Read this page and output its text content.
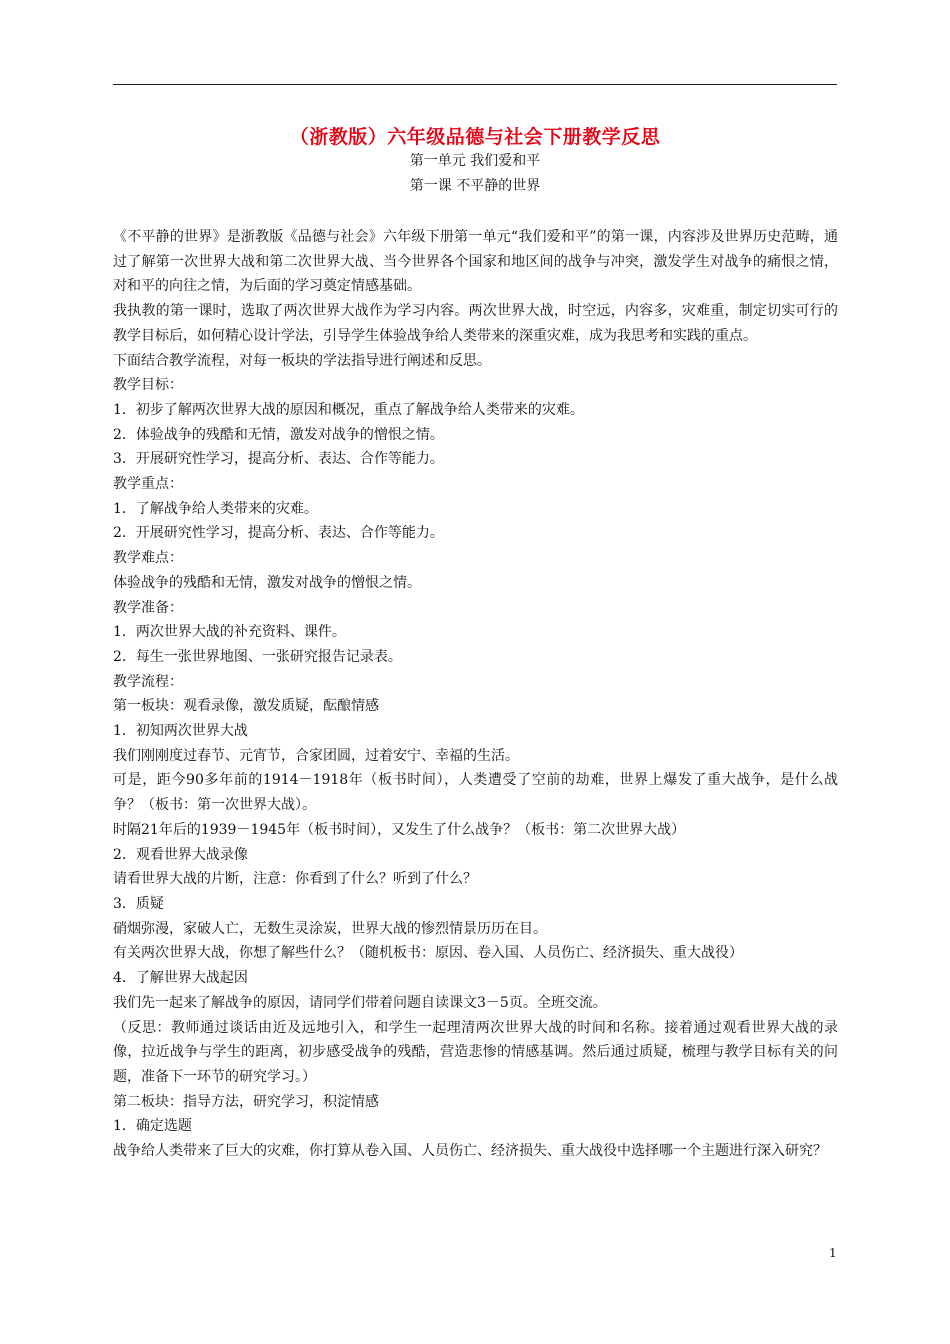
（浙教版）六年级品德与社会下册教学反思
第一单元 我们爱和平
第一课 不平静的世界

《不平静的世界》是浙教版《品德与社会》六年级下册第一单元“我们爱和平”的第一课，内容涉及世界历史范畴，通过了解第一次世界大战和第二次世界大战、当今世界各个国家和地区间的战争与冲突，激发学生对战争的痛恨之情，对和平的向往之情，为后面的学习奠定情感基础。

我执教的第一课时，选取了两次世界大战作为学习内容。两次世界大战，时空远，内容多，灾难重，制定切实可行的教学目标后，如何精心设计学法，引导学生体验战争给人类带来的深重灾难，成为我思考和实践的重点。

下面结合教学流程，对每一板块的学法指导进行阐述和反思。

教学目标：

1．初步了解两次世界大战的原因和概况，重点了解战争给人类带来的灾难。

2．体验战争的残酷和无情，激发对战争的憎恨之情。

3．开展研究性学习，提高分析、表达、合作等能力。

教学重点：

1．了解战争给人类带来的灾难。

2．开展研究性学习，提高分析、表达、合作等能力。

教学难点：

体验战争的残酷和无情，激发对战争的憎恨之情。

教学准备：

1．两次世界大战的补充资料、课件。

2．每生一张世界地图、一张研究报告记录表。

教学流程：

第一板块：观看录像，激发质疑，酝酿情感

1．初知两次世界大战

我们刚刚度过春节、元宵节，合家团圆，过着安宁、幸福的生活。

可是，距今90多年前的1914－1918年（板书时间），人类遭受了空前的劫难，世界上爆发了重大战争，是什么战争？（板书：第一次世界大战）。

时隔21年后的1939－1945年（板书时间），又发生了什么战争？（板书：第二次世界大战）

2．观看世界大战录像

请看世界大战的片断，注意：你看到了什么？听到了什么？

3．质疑

硝烟弥漫，家破人亡，无数生灵涂炭，世界大战的惨烈情景历历在目。

有关两次世界大战，你想了解些什么？（随机板书：原因、卷入国、人员伤亡、经济损失、重大战役）

4．了解世界大战起因

我们先一起来了解战争的原因，请同学们带着问题自读课文3－5页。全班交流。

（反思：教师通过谈话由近及远地引入，和学生一起理清两次世界大战的时间和名称。接着通过观看世界大战的录像，拉近战争与学生的距离，初步感受战争的残酷，营造悲惨的情感基调。然后通过质疑，梳理与教学目标有关的问题，准备下一环节的研究学习。）

第二板块：指导方法，研究学习，积淀情感

1．确定选题

战争给人类带来了巨大的灾难，你打算从卷入国、人员伤亡、经济损失、重大战役中选择哪一个主题进行深入研究？

1
